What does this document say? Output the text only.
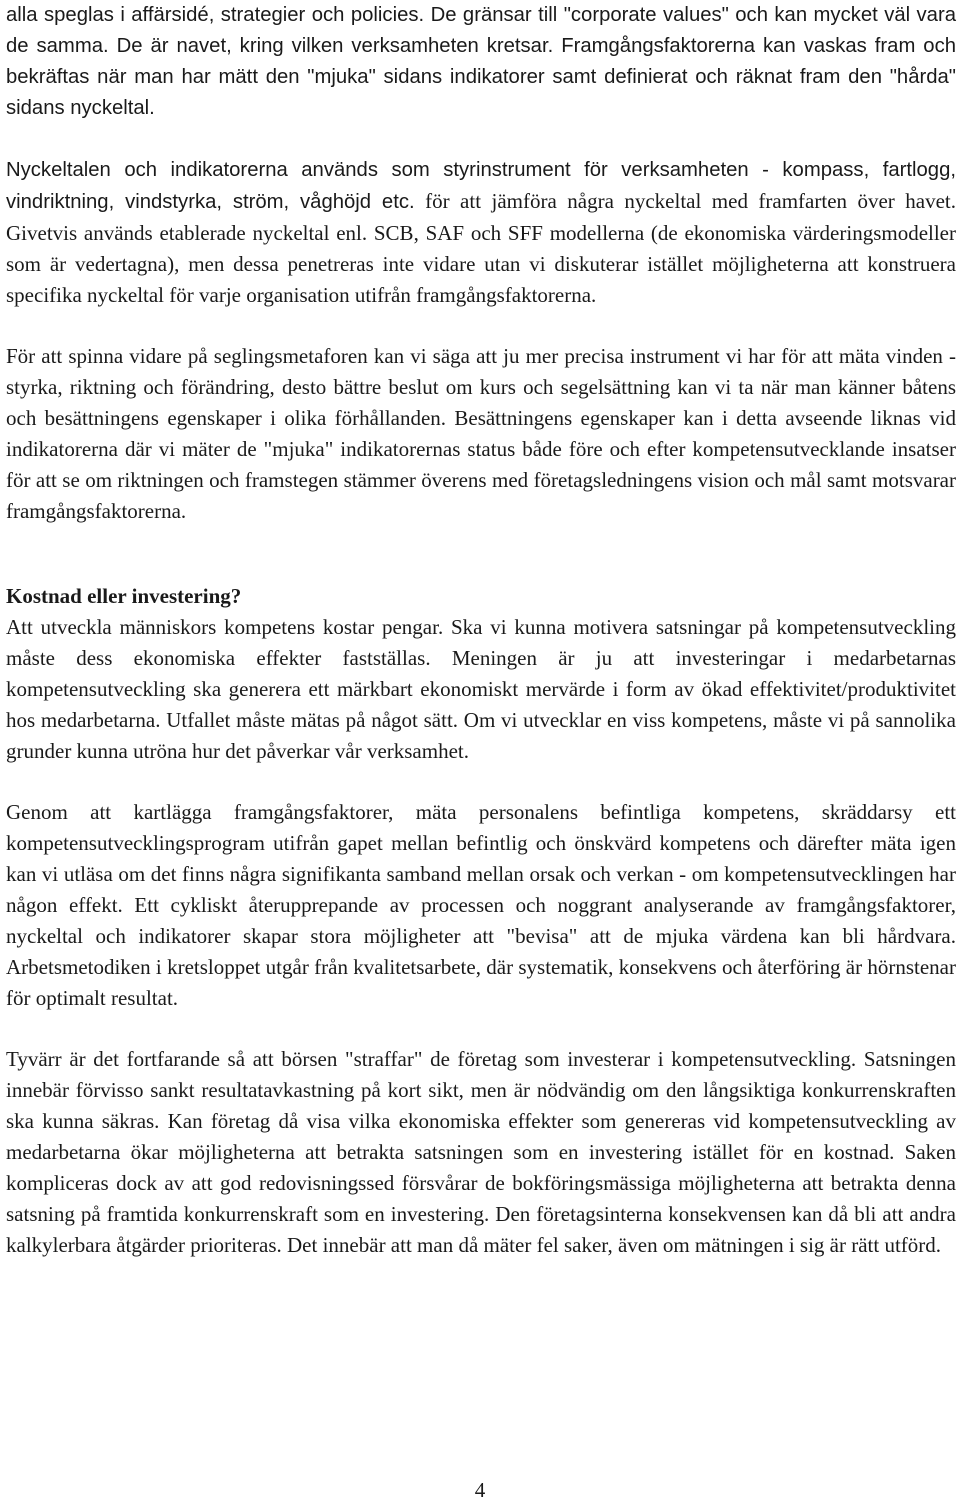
alla speglas i affärsidé, strategier och policies. De gränsar till "corporate values" och kan mycket väl vara de samma. De är navet, kring vilken verksamheten kretsar. Framgångsfaktorerna kan vaskas fram och bekräftas när man har mätt den "mjuka" sidans indikatorer samt definierat och räknat fram den "hårda" sidans nyckeltal.

Nyckeltalen och indikatorerna används som styrinstrument för verksamheten - kompass, fartlogg, vindriktning, vindstyrka, ström, våghöjd etc. för att jämföra några nyckeltal med framfarten över havet. Givetvis används etablerade nyckeltal enl. SCB, SAF och SFF modellerna (de ekonomiska värderingsmodeller som är vedertagna), men dessa penetreras inte vidare utan vi diskuterar istället möjligheterna att konstruera specifika nyckeltal för varje organisation utifrån framgångsfaktorerna.

För att spinna vidare på seglingsmetaforen kan vi säga att ju mer precisa instrument vi har för att mäta vinden - styrka, riktning och förändring, desto bättre beslut om kurs och segelsättning kan vi ta när man känner båtens och besättningens egenskaper i olika förhållanden. Besättningens egenskaper kan i detta avseende liknas vid indikatorerna där vi mäter de "mjuka" indikatorernas status både före och efter kompetensutvecklande insatser för att se om riktningen och framstegen stämmer överens med företagsledningens vision och mål samt motsvarar framgångsfaktorerna.

Kostnad eller investering?

Att utveckla människors kompetens kostar pengar. Ska vi kunna motivera satsningar på kompetensutveckling måste dess ekonomiska effekter fastställas. Meningen är ju att investeringar i medarbetarnas kompetensutveckling ska generera ett märkbart ekonomiskt mervärde i form av ökad effektivitet/produktivitet hos medarbetarna. Utfallet måste mätas på något sätt. Om vi utvecklar en viss kompetens, måste vi på sannolika grunder kunna utröna hur det påverkar vår verksamhet.

Genom att kartlägga framgångsfaktorer, mäta personalens befintliga kompetens, skräddarsy ett kompetensutvecklingsprogram utifrån gapet mellan befintlig och önskvärd kompetens och därefter mäta igen kan vi utläsa om det finns några signifikanta samband mellan orsak och verkan - om kompetensutvecklingen har någon effekt. Ett cykliskt återupprepande av processen och noggrant analyserande av framgångsfaktorer, nyckeltal och indikatorer skapar stora möjligheter att "bevisa" att de mjuka värdena kan bli hårdvara. Arbetsmetodiken i kretsloppet utgår från kvalitetsarbete, där systematik, konsekvens och återföring är hörnstenar för optimalt resultat.

Tyvärr är det fortfarande så att börsen "straffar" de företag som investerar i kompetensutveckling. Satsningen innebär förvisso sankt resultatavkastning på kort sikt, men är nödvändig om den långsiktiga konkurrenskraften ska kunna säkras. Kan företag då visa vilka ekonomiska effekter som genereras vid kompetensutveckling av medarbetarna ökar möjligheterna att betrakta satsningen som en investering istället för en kostnad. Saken kompliceras dock av att god redovisningssed försvårar de bokföringsmässiga möjligheterna att betrakta denna satsning på framtida konkurrenskraft som en investering. Den företagsinterna konsekvensen kan då bli att andra kalkylerbara åtgärder prioriteras. Det innebär att man då mäter fel saker, även om mätningen i sig är rätt utförd.

4
